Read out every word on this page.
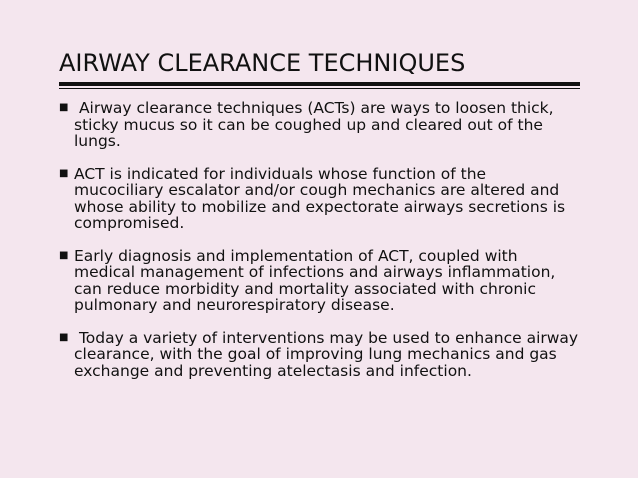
AIRWAY CLEARANCE TECHNIQUES
■ Airway clearance techniques (ACTs) are ways to loosen thick, sticky mucus so it can be coughed up and cleared out of the lungs.
■ ACT is indicated for individuals whose function of the mucociliary escalator and/or cough mechanics are altered and whose ability to mobilize and expectorate airways secretions is compromised.
■ Early diagnosis and implementation of ACT, coupled with medical management of infections and airways inflammation, can reduce morbidity and mortality associated with chronic pulmonary and neurorespiratory disease.
■ Today a variety of interventions may be used to enhance airway clearance, with the goal of improving lung mechanics and gas exchange and preventing atelectasis and infection.
